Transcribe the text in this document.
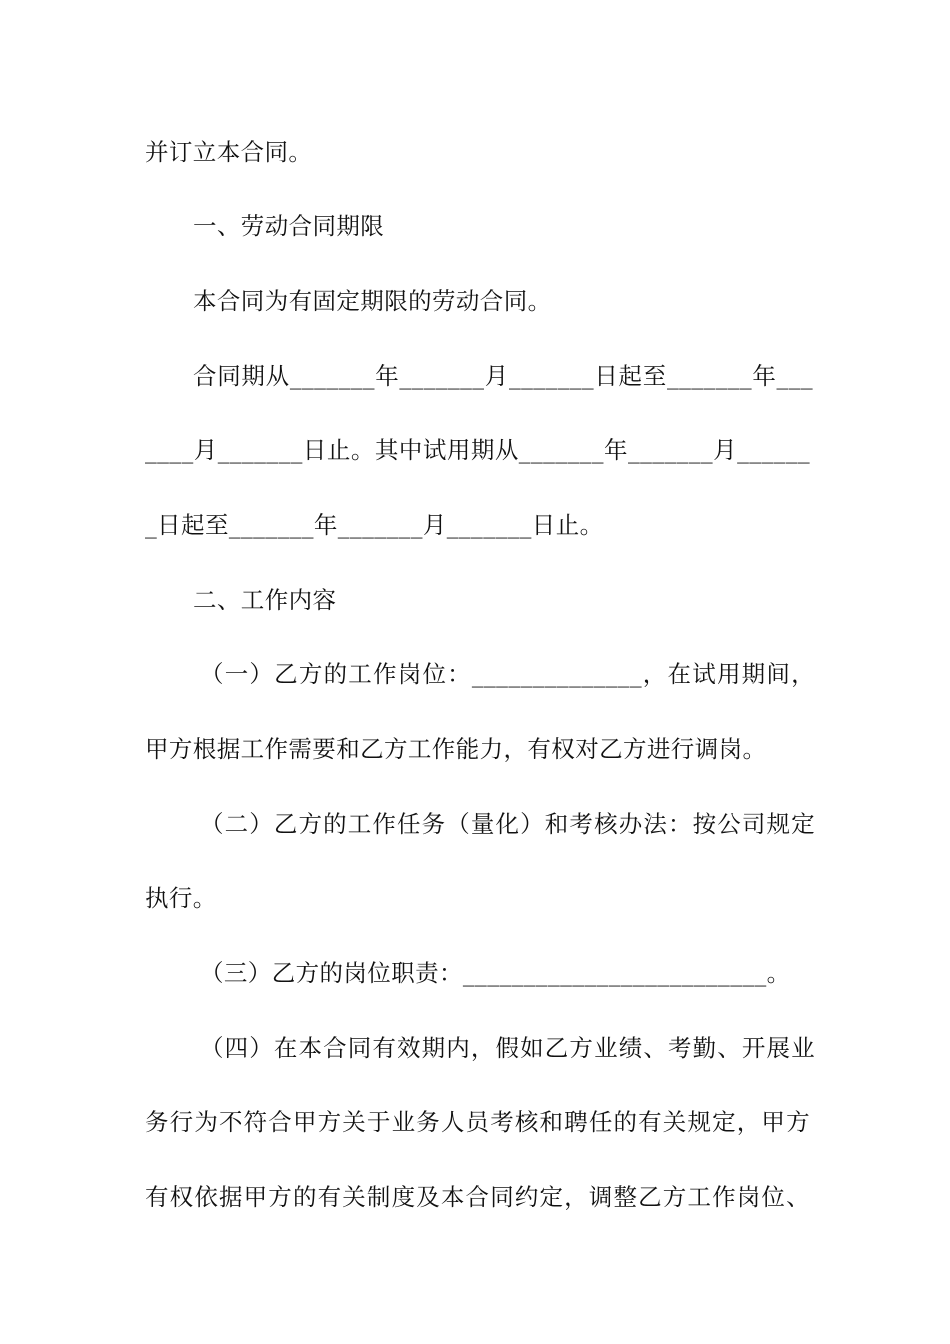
并订立本合同。
一、劳动合同期限
本合同为有固定期限的劳动合同。
合同期从_______年_______月_______日起至_______年___
____月_______日止。其中试用期从_______年_______月______
_日起至_______年_______月_______日止。
二、工作内容
（一）乙方的工作岗位：______________，在试用期间，
甲方根据工作需要和乙方工作能力，有权对乙方进行调岗。
（二）乙方的工作任务（量化）和考核办法：按公司规定
执行。
（三）乙方的岗位职责：_________________________。
（四）在本合同有效期内，假如乙方业绩、考勤、开展业
务行为不符合甲方关于业务人员考核和聘任的有关规定，甲方
有权依据甲方的有关制度及本合同约定，调整乙方工作岗位、
